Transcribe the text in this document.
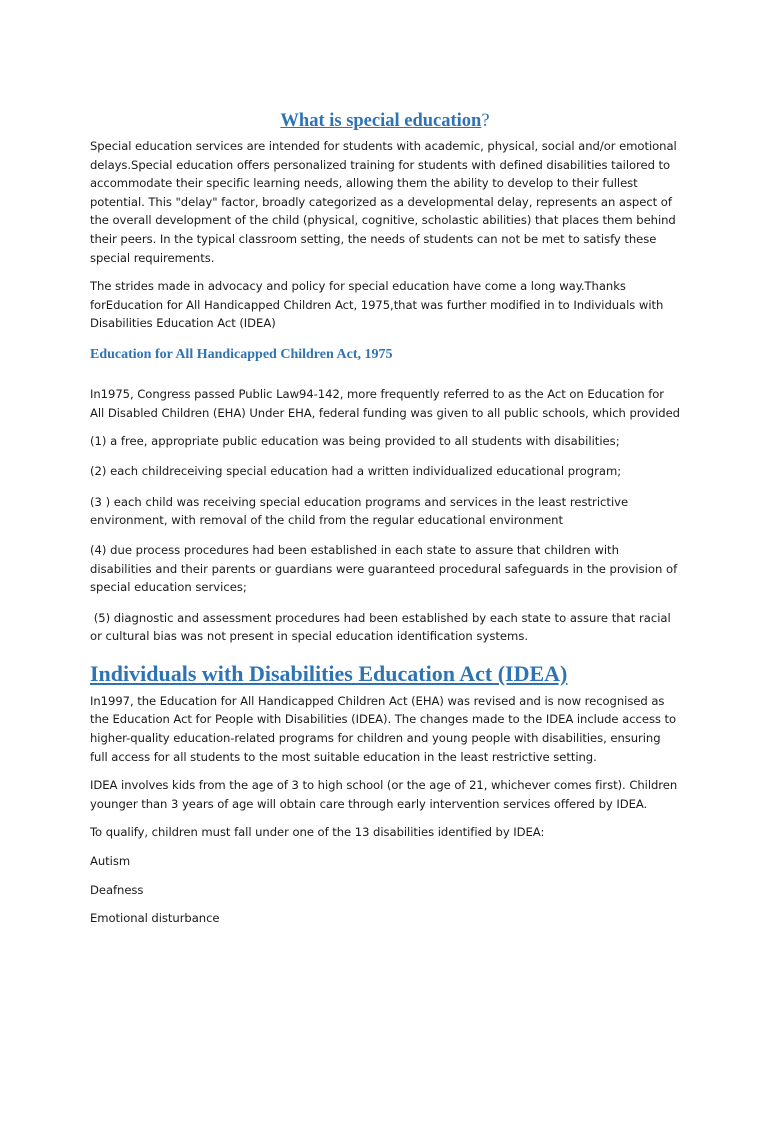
What is special education?

Special education services are intended for students with academic, physical, social and/or emotional delays.Special education offers personalized training for students with defined disabilities tailored to accommodate their specific learning needs, allowing them the ability to develop to their fullest potential. This "delay" factor, broadly categorized as a developmental delay, represents an aspect of the overall development of the child (physical, cognitive, scholastic abilities) that places them behind their peers. In the typical classroom setting, the needs of students can not be met to satisfy these special requirements.

The strides made in advocacy and policy for special education have come a long way.Thanks forEducation for All Handicapped Children Act, 1975,that was further modified in to Individuals with Disabilities Education Act (IDEA)

Education for All Handicapped Children Act, 1975

In1975, Congress passed Public Law94-142, more frequently referred to as the Act on Education for All Disabled Children (EHA) Under EHA, federal funding was given to all public schools, which provided

(1) a free, appropriate public education was being provided to all students with disabilities;

(2) each childreceiving special education had a written individualized educational program;

(3 ) each child was receiving special education programs and services in the least restrictive environment, with removal of the child from the regular educational environment

(4) due process procedures had been established in each state to assure that children with disabilities and their parents or guardians were guaranteed procedural safeguards in the provision of special education services;

(5) diagnostic and assessment procedures had been established by each state to assure that racial or cultural bias was not present in special education identification systems.

Individuals with Disabilities Education Act (IDEA)

In1997, the Education for All Handicapped Children Act (EHA) was revised and is now recognised as the Education Act for People with Disabilities (IDEA). The changes made to the IDEA include access to higher-quality education-related programs for children and young people with disabilities, ensuring full access for all students to the most suitable education in the least restrictive setting.

IDEA involves kids from the age of 3 to high school (or the age of 21, whichever comes first). Children younger than 3 years of age will obtain care through early intervention services offered by IDEA.

To qualify, children must fall under one of the 13 disabilities identified by IDEA:

Autism

Deafness

Emotional disturbance
